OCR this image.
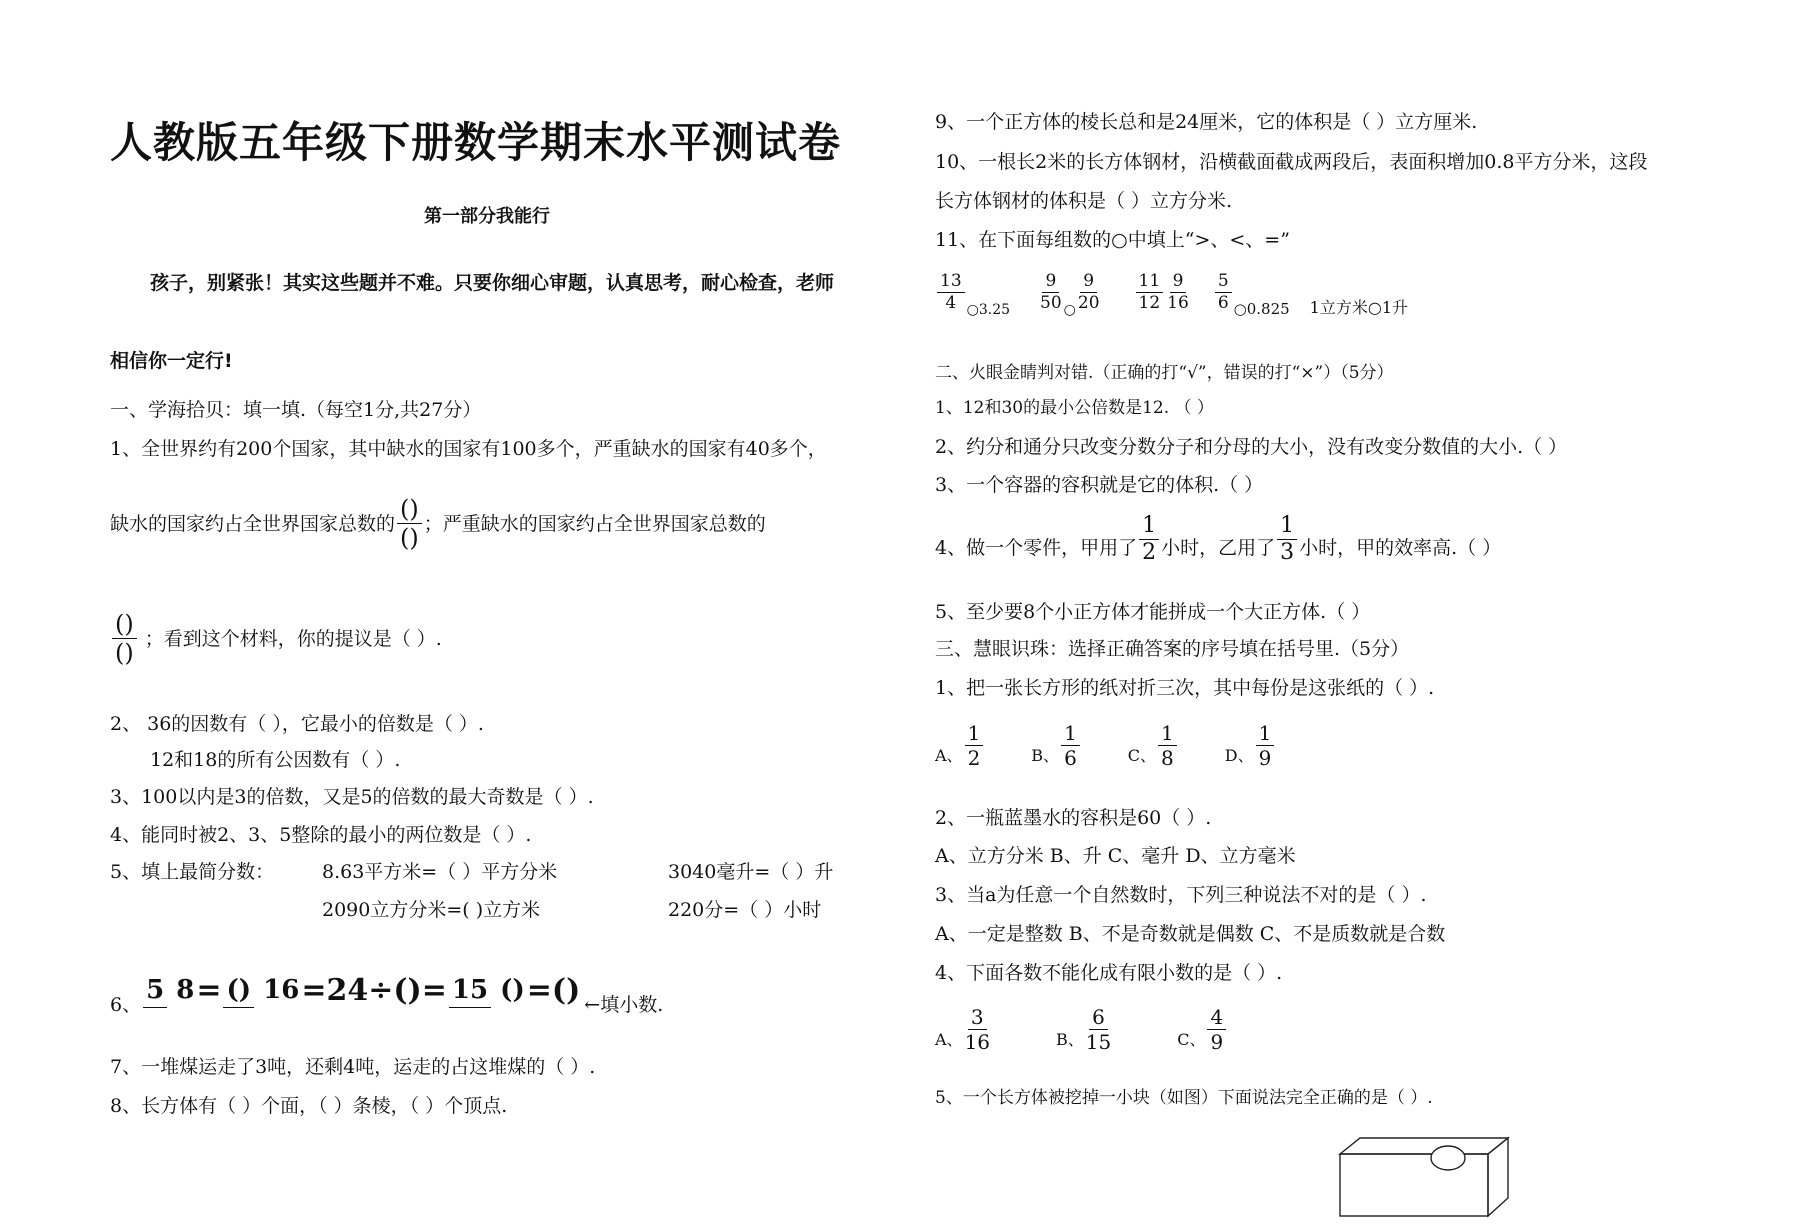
人教版五年级下册数学期末水平测试卷
第一部分我能行
孩子，别紧张！其实这些题并不难。只要你细心审题，认真思考，耐心检查，老师
相信你一定行!
一、学海拾贝：填一填.（每空1分,共27分）
1、全世界约有200个国家，其中缺水的国家有100多个，严重缺水的国家有40多个，
缺水的国家约占全世界国家总数的 $\frac{()}{()}$ ；严重缺水的国家约占全世界国家总数的
$\frac{()}{()}$ ；看到这个材料，你的提议是（ ）.
2、 36的因数有（ ），它最小的倍数是（ ）.
12和18的所有公因数有（ ）.
3、100以内是3的倍数，又是5的倍数的最大奇数是（ ）.
4、能同时被2、3、5整除的最小的两位数是（ ）.
5、填上最简分数：	8.63平方米=（ ）平方分米	3040毫升=（ ）升
2090立方分米=( )立方米	220分=（ ）小时
6、 5 8 = () 16 =24÷()= 15 () =() ←填小数.
7、一堆煤运走了3吨，还剩4吨，运走的占这堆煤的（ ）.
8、长方体有（ ）个面，（ ）条棱，（ ）个顶点.
9、一个正方体的棱长总和是24厘米，它的体积是（ ）立方厘米.
10、一根长2米的长方体钢材，沿横截面截成两段后，表面积增加0.8平方分米，这段
长方体钢材的体积是（ ）立方分米.
11、在下面每组数的○中填上“>、<、=”
$\frac{13}{4}$ ○3.25 $\frac{9}{50}$ ○ $\frac{9}{20} \frac{11}{12} \frac{9}{16} \frac{5}{6}$ ○0.825 1立方米○1升
二、火眼金睛判对错.（正确的打“√”，错误的打“×”）（5分）
1、12和30的最小公倍数是12. （ ）
2、约分和通分只改变分数分子和分母的大小，没有改变分数值的大小.（ ）
3、一个容器的容积就是它的体积.（ ）
4、做一个零件，甲用了 $\frac{1}{2}$ 小时，乙用了 $\frac{1}{3}$ 小时，甲的效率高.（ ）
5、至少要8个小正方体才能拼成一个大正方体.（ ）
三、慧眼识珠：选择正确答案的序号填在括号里.（5分）
1、把一张长方形的纸对折三次，其中每份是这张纸的（ ）.
A、 $\frac{1}{2}$	B、 $\frac{1}{6}$	C、 $\frac{1}{8}$	D、 $\frac{1}{9}$
2、一瓶蓝墨水的容积是60（ ）.
A、立方分米 B、升 C、毫升 D、立方毫米
3、当a为任意一个自然数时，下列三种说法不对的是（ ）.
A、一定是整数 B、不是奇数就是偶数 C、不是质数就是合数
4、下面各数不能化成有限小数的是（ ）.
A、 $\frac{3}{16}$	B、 $\frac{6}{15}$	C、 $\frac{4}{9}$
5、一个长方体被挖掉一小块（如图）下面说法完全正确的是（ ）.
